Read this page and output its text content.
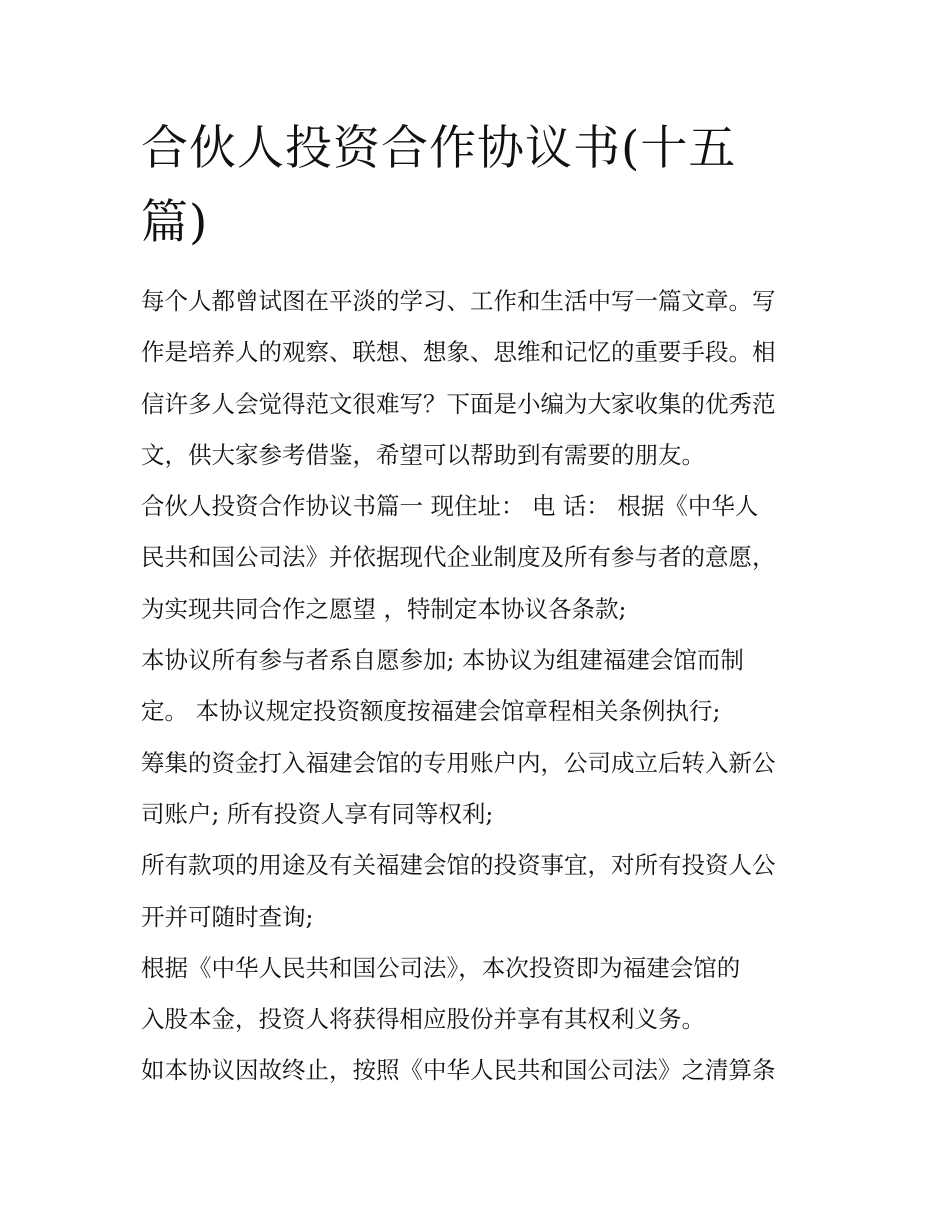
合伙人投资合作协议书(十五
篇)
每个人都曾试图在平淡的学习、工作和生活中写一篇文章。写
作是培养人的观察、联想、想象、思维和记忆的重要手段。相
信许多人会觉得范文很难写？下面是小编为大家收集的优秀范
文，供大家参考借鉴，希望可以帮助到有需要的朋友。
合伙人投资合作协议书篇一 现住址： 电 话： 根据《中华人
民共和国公司法》并依据现代企业制度及所有参与者的意愿，
为实现共同合作之愿望 ，特制定本协议各条款;
本协议所有参与者系自愿参加; 本协议为组建福建会馆而制
定。 本协议规定投资额度按福建会馆章程相关条例执行;
筹集的资金打入福建会馆的专用账户内，公司成立后转入新公
司账户; 所有投资人享有同等权利;
所有款项的用途及有关福建会馆的投资事宜，对所有投资人公
开并可随时查询;
根据《中华人民共和国公司法》，本次投资即为福建会馆的
入股本金，投资人将获得相应股份并享有其权利义务。
如本协议因故终止，按照《中华人民共和国公司法》之清算条
